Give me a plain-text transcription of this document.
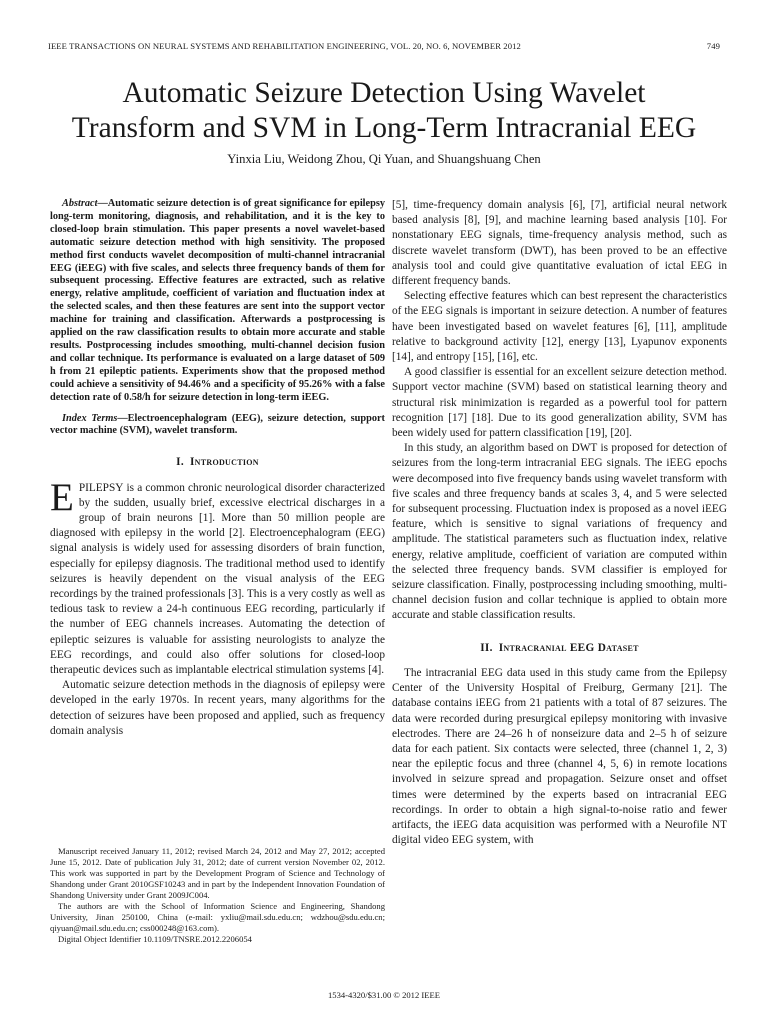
IEEE TRANSACTIONS ON NEURAL SYSTEMS AND REHABILITATION ENGINEERING, VOL. 20, NO. 6, NOVEMBER 2012	749
Automatic Seizure Detection Using Wavelet
Transform and SVM in Long-Term Intracranial EEG
Yinxia Liu, Weidong Zhou, Qi Yuan, and Shuangshuang Chen

Abstract—Automatic seizure detection is of great significance for epilepsy long-term monitoring, diagnosis, and rehabilitation, and it is the key to closed-loop brain stimulation. This paper presents a novel wavelet-based automatic seizure detection method with high sensitivity. The proposed method first conducts wavelet decomposition of multi-channel intracranial EEG (iEEG) with five scales, and selects three frequency bands of them for subsequent processing. Effective features are extracted, such as relative energy, relative amplitude, coefficient of variation and fluctuation index at the selected scales, and then these features are sent into the support vector machine for training and classification. Afterwards a postprocessing is applied on the raw classification results to obtain more accurate and stable results. Postprocessing includes smoothing, multi-channel decision fusion and collar technique. Its performance is evaluated on a large dataset of 509 h from 21 epileptic patients. Experiments show that the proposed method could achieve a sensitivity of 94.46% and a specificity of 95.26% with a false detection rate of 0.58/h for seizure detection in long-term iEEG.

Index Terms—Electroencephalogram (EEG), seizure detection, support vector machine (SVM), wavelet transform.

I. Introduction

EPILEPSY is a common chronic neurological disorder characterized by the sudden, usually brief, excessive electrical discharges in a group of brain neurons [1]. More than 50 million people are diagnosed with epilepsy in the world [2]. Electroencephalogram (EEG) signal analysis is widely used for assessing disorders of brain function, especially for epilepsy diagnosis. The traditional method used to identify seizures is heavily dependent on the visual analysis of the EEG recordings by the trained professionals [3]. This is a very costly as well as tedious task to review a 24-h continuous EEG recording, particularly if the number of EEG channels increases. Automating the detection of epileptic seizures is valuable for assisting neurologists to analyze the EEG recordings, and could also offer solutions for closed-loop therapeutic devices such as implantable electrical stimulation systems [4].

Automatic seizure detection methods in the diagnosis of epilepsy were developed in the early 1970s. In recent years, many algorithms for the detection of seizures have been proposed and applied, such as frequency domain analysis

Manuscript received January 11, 2012; revised March 24, 2012 and May 27, 2012; accepted June 15, 2012. Date of publication July 31, 2012; date of current version November 02, 2012. This work was supported in part by the Development Program of Science and Technology of Shandong under Grant 2010GSF10243 and in part by the Independent Innovation Foundation of Shandong University under Grant 2009JC004.

The authors are with the School of Information Science and Engineering, Shandong University, Jinan 250100, China (e-mail: yxliu@mail.sdu.edu.cn; wdzhou@sdu.edu.cn; qiyuan@mail.sdu.edu.cn; css000248@163.com).

Digital Object Identifier 10.1109/TNSRE.2012.2206054

[5], time-frequency domain analysis [6], [7], artificial neural network based analysis [8], [9], and machine learning based analysis [10]. For nonstationary EEG signals, time-frequency analysis method, such as discrete wavelet transform (DWT), has been proved to be an effective analysis tool and could give quantitative evaluation of ictal EEG in different frequency bands.

Selecting effective features which can best represent the characteristics of the EEG signals is important in seizure detection. A number of features have been investigated based on wavelet features [6], [11], amplitude relative to background activity [12], energy [13], Lyapunov exponents [14], and entropy [15], [16], etc.

A good classifier is essential for an excellent seizure detection method. Support vector machine (SVM) based on statistical learning theory and structural risk minimization is regarded as a powerful tool for pattern recognition [17] [18]. Due to its good generalization ability, SVM has been widely used for pattern classification [19], [20].

In this study, an algorithm based on DWT is proposed for detection of seizures from the long-term intracranial EEG signals. The iEEG epochs were decomposed into five frequency bands using wavelet transform with five scales and three frequency bands at scales 3, 4, and 5 were selected for subsequent processing. Fluctuation index is proposed as a novel iEEG feature, which is sensitive to signal variations of frequency and amplitude. The statistical parameters such as fluctuation index, relative energy, relative amplitude, coefficient of variation are computed within the selected three frequency bands. SVM classifier is employed for seizure classification. Finally, postprocessing including smoothing, multi-channel decision fusion and collar technique is applied to obtain more accurate and stable classification results.

II. Intracranial EEG Dataset

The intracranial EEG data used in this study came from the Epilepsy Center of the University Hospital of Freiburg, Germany [21]. The database contains iEEG from 21 patients with a total of 87 seizures. The data were recorded during presurgical epilepsy monitoring with invasive electrodes. There are 24–26 h of nonseizure data and 2–5 h of seizure data for each patient. Six contacts were selected, three (channel 1, 2, 3) near the epileptic focus and three (channel 4, 5, 6) in remote locations involved in seizure spread and propagation. Seizure onset and offset times were determined by the experts based on intracranial EEG recordings. In order to obtain a high signal-to-noise ratio and fewer artifacts, the iEEG data acquisition was performed with a Neurofile NT digital video EEG system, with

1534-4320/$31.00 © 2012 IEEE
